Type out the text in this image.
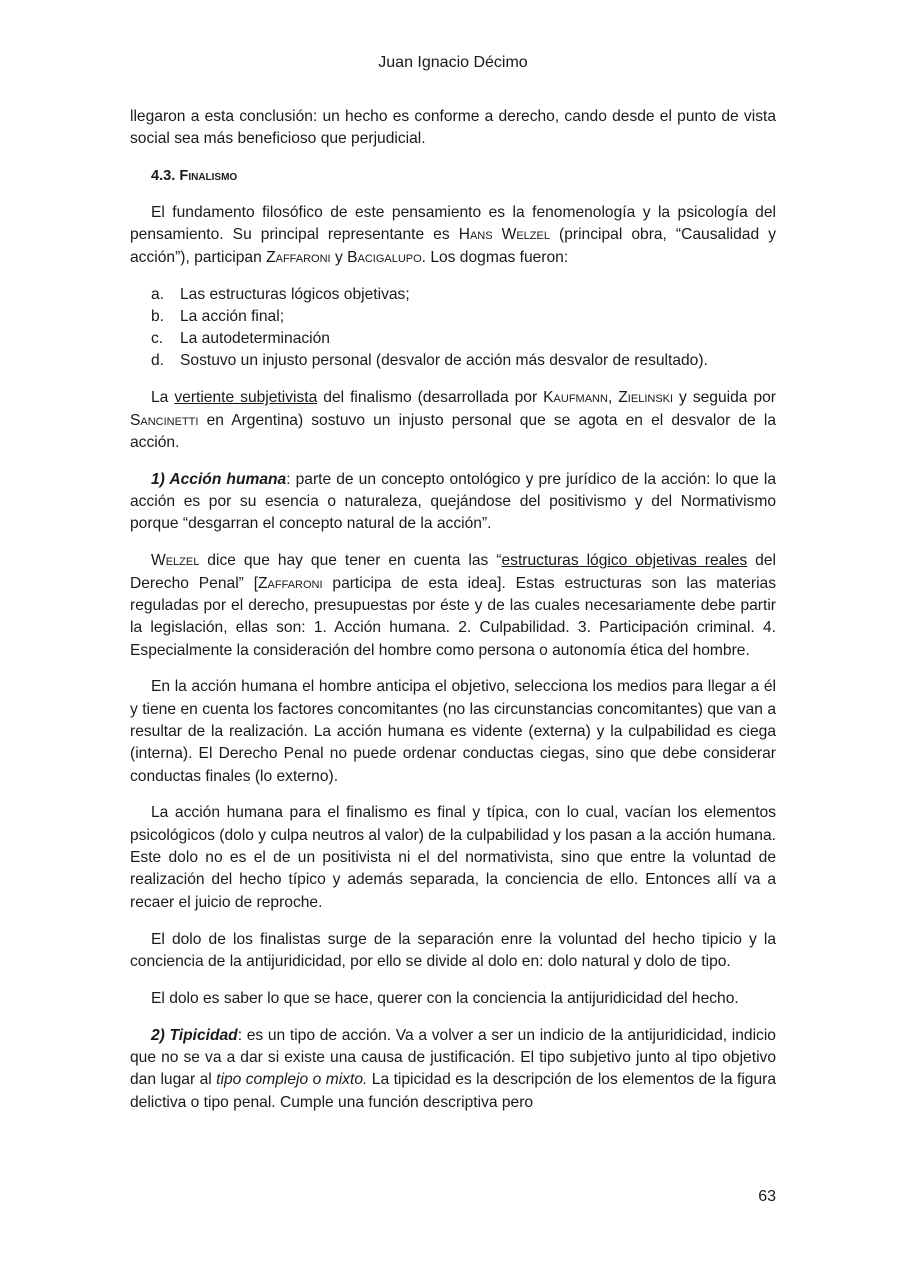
Juan Ignacio Décimo

llegaron a esta conclusión: un hecho es conforme a derecho, cando desde el punto de vista social sea más beneficioso que perjudicial.

4.3. Finalismo

El fundamento filosófico de este pensamiento es la fenomenología y la psicología del pensamiento. Su principal representante es Hans Welzel (principal obra, “Causalidad y acción”), participan Zaffaroni y Bacigalupo. Los dogmas fueron:

a.	Las estructuras lógicos objetivas;
b.	La acción final;
c.	La autodeterminación
d.	Sostuvo un injusto personal (desvalor de acción más desvalor de resultado).

La vertiente subjetivista del finalismo (desarrollada por Kaufmann, Zielinski y seguida por Sancinetti en Argentina) sostuvo un injusto personal que se agota en el desvalor de la acción.

1) Acción humana: parte de un concepto ontológico y pre jurídico de la acción: lo que la acción es por su esencia o naturaleza, quejándose del positivismo y del Normativismo porque “desgarran el concepto natural de la acción”.

Welzel dice que hay que tener en cuenta las “estructuras lógico objetivas reales del Derecho Penal” [Zaffaroni participa de esta idea]. Estas estructuras son las materias reguladas por el derecho, presupuestas por éste y de las cuales necesariamente debe partir la legislación, ellas son: 1. Acción humana. 2. Culpabilidad. 3. Participación criminal. 4. Especialmente la consideración del hombre como persona o autonomía ética del hombre.

En la acción humana el hombre anticipa el objetivo, selecciona los medios para llegar a él y tiene en cuenta los factores concomitantes (no las circunstancias concomitantes) que van a resultar de la realización. La acción humana es vidente (externa) y la culpabilidad es ciega (interna). El Derecho Penal no puede ordenar conductas ciegas, sino que debe considerar conductas finales (lo externo).

La acción humana para el finalismo es final y típica, con lo cual, vacían los elementos psicológicos (dolo y culpa neutros al valor) de la culpabilidad y los pasan a la acción humana. Este dolo no es el de un positivista ni el del normativista, sino que entre la voluntad de realización del hecho típico y además separada, la conciencia de ello. Entonces allí va a recaer el juicio de reproche.

El dolo de los finalistas surge de la separación enre la voluntad del hecho tipicio y la conciencia de la antijuridicidad, por ello se divide al dolo en: dolo natural y dolo de tipo.

El dolo es saber lo que se hace, querer con la conciencia la antijuridicidad del hecho.

2) Tipicidad: es un tipo de acción. Va a volver a ser un indicio de la antijuridicidad, indicio que no se va a dar si existe una causa de justificación. El tipo subjetivo junto al tipo objetivo dan lugar al tipo complejo o mixto. La tipicidad es la descripción de los elementos de la figura delictiva o tipo penal. Cumple una función descriptiva pero

63
